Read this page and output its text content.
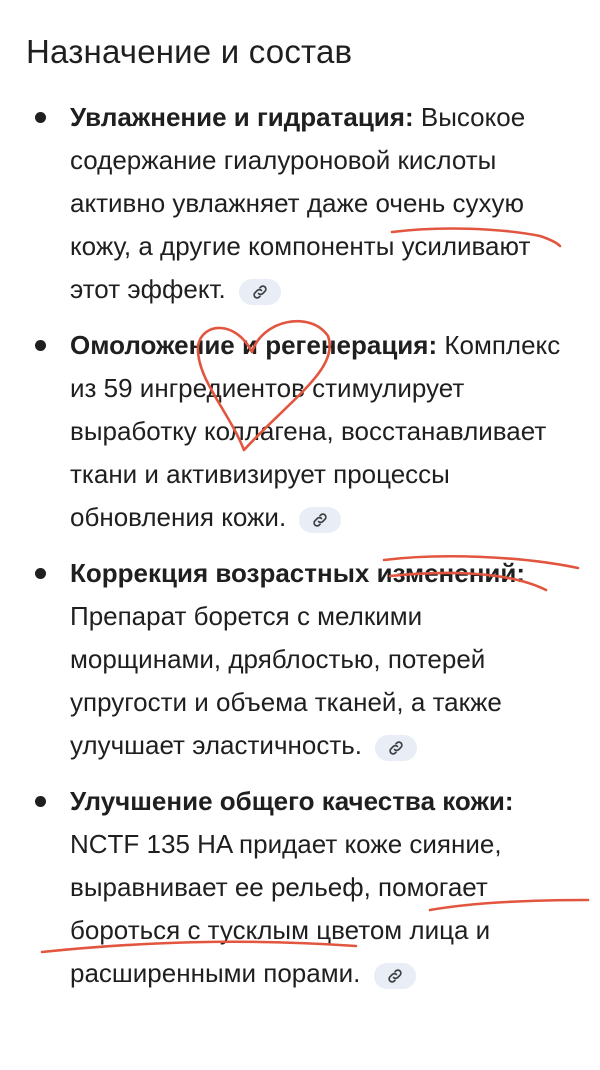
Назначение и состав
Увлажнение и гидратация: Высокое содержание гиалуроновой кислоты активно увлажняет даже очень сухую кожу, а другие компоненты усиливают этот эффект.
Омоложение и регенерация: Комплекс из 59 ингредиентов стимулирует выработку коллагена, восстанавливает ткани и активизирует процессы обновления кожи.
Коррекция возрастных изменений: Препарат борется с мелкими морщинами, дряблостью, потерей упругости и объема тканей, а также улучшает эластичность.
Улучшение общего качества кожи: NCTF 135 HA придает коже сияние, выравнивает ее рельеф, помогает бороться с тусклым цветом лица и расширенными порами.
